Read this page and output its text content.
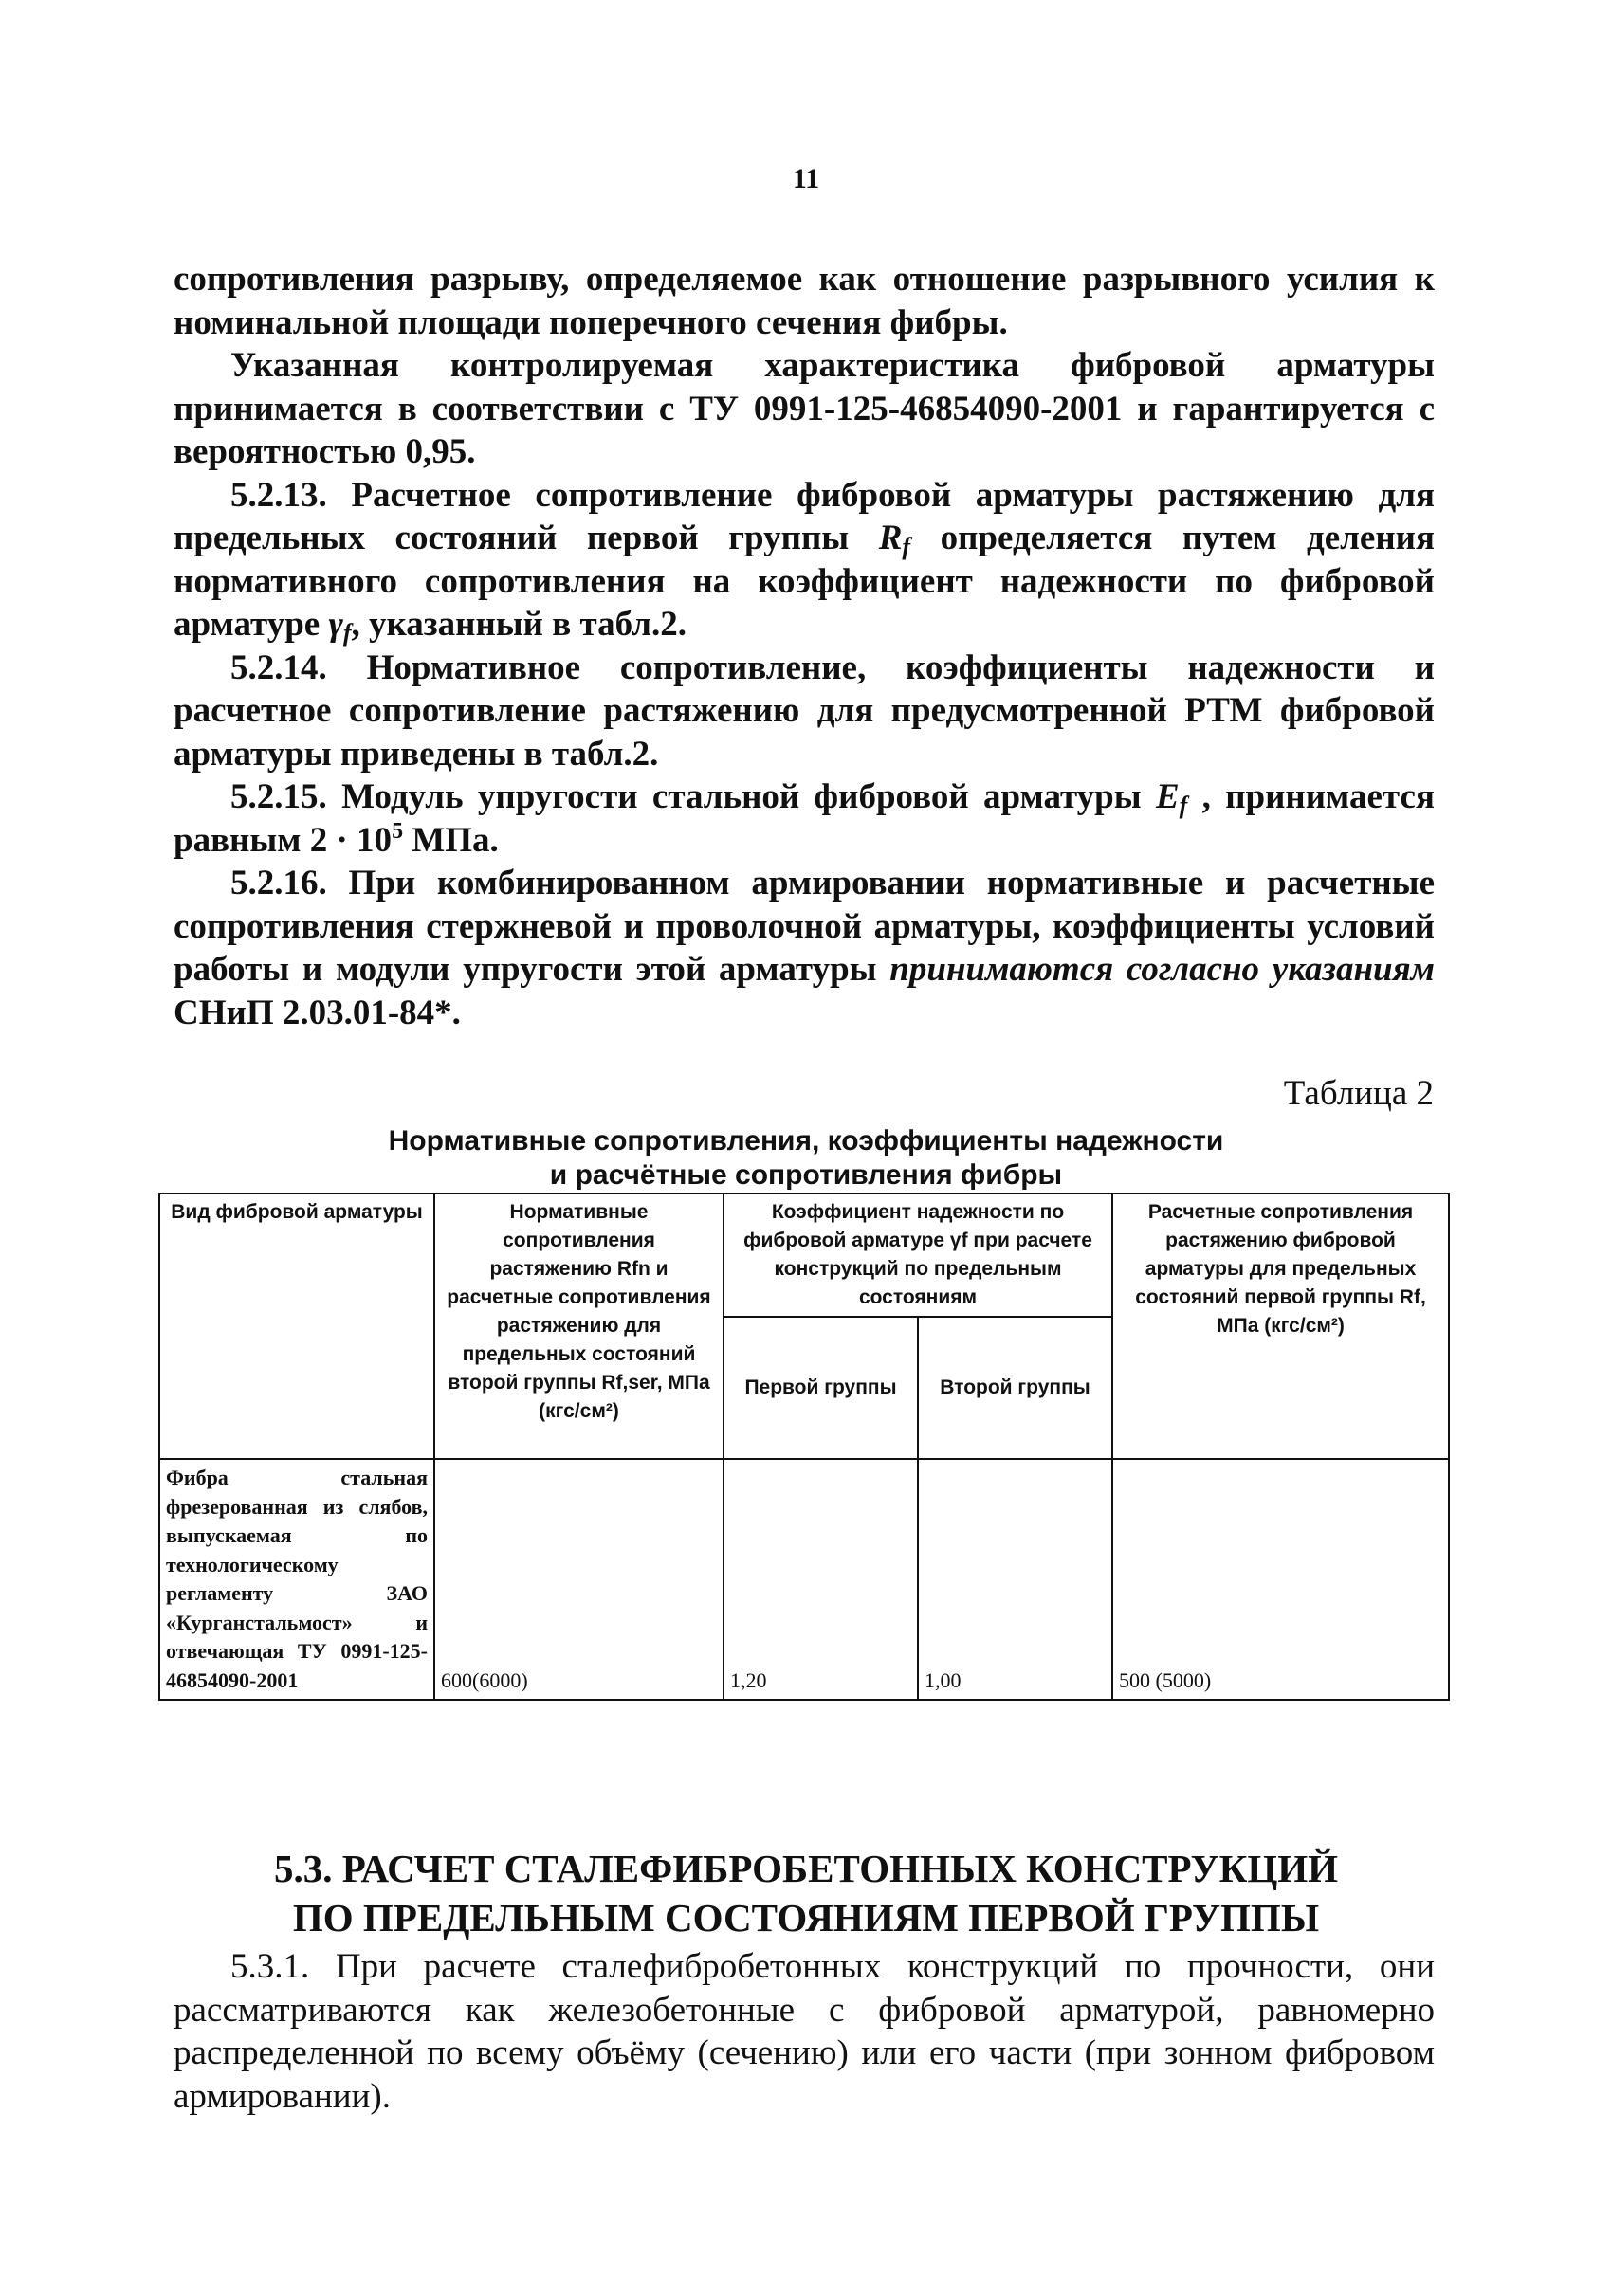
11

сопротивления разрыву, определяемое как отношение разрывного усилия к номинальной площади поперечного сечения фибры.

Указанная контролируемая характеристика фибровой арматуры принимается в соответствии с ТУ 0991-125-46854090-2001 и гарантируется с вероятностью 0,95.

5.2.13. Расчетное сопротивление фибровой арматуры растяжению для предельных состояний первой группы $R_f$ определяется путем деления нормативного сопротивления на коэффициент надежности по фибровой арматуре $\gamma_f$, указанный в табл.2.

5.2.14. Нормативное сопротивление, коэффициенты надежности и расчетное сопротивление растяжению для предусмотренной РТМ фибровой арматуры приведены в табл.2.

5.2.15. Модуль упругости стальной фибровой арматуры $E_f$ , принимается равным $2 \cdot 10^5$ МПа.

5.2.16. При комбинированном армировании нормативные и расчетные сопротивления стержневой и проволочной арматуры, коэффициенты условий работы и модули упругости этой арматуры принимаются согласно указаниям СНиП 2.03.01-84*.

Таблица 2
Нормативные сопротивления, коэффициенты надежности
и расчётные сопротивления фибры
Вид фибровой арматуры	Нормативные сопротивления растяжению Rfn и расчетные сопротивления растяжению для предельных состояний второй группы Rf,ser, МПа (кгс/см²)	Коэффициент надежности по фибровой арматуре γf при расчете конструкций по предельным состояниям		Расчетные сопротивления растяжению фибровой арматуры для предельных состояний первой группы Rf, МПа (кгс/см²)
		Первой группы	Второй группы	
Фибра стальная фрезерованная из слябов, выпускаемая по технологическому регламенту ЗАО «Курганстальмост» и отвечающая ТУ 0991-125-46854090-2001	600(6000)	1,20	1,00	500 (5000)
5.3. РАСЧЕТ СТАЛЕФИБРОБЕТОННЫХ КОНСТРУКЦИЙ
ПО ПРЕДЕЛЬНЫМ СОСТОЯНИЯМ ПЕРВОЙ ГРУППЫ

5.3.1. При расчете сталефибробетонных конструкций по прочности, они рассматриваются как железобетонные с фибровой арматурой, равномерно распределенной по всему объёму (сечению) или его части (при зонном фибровом армировании).
